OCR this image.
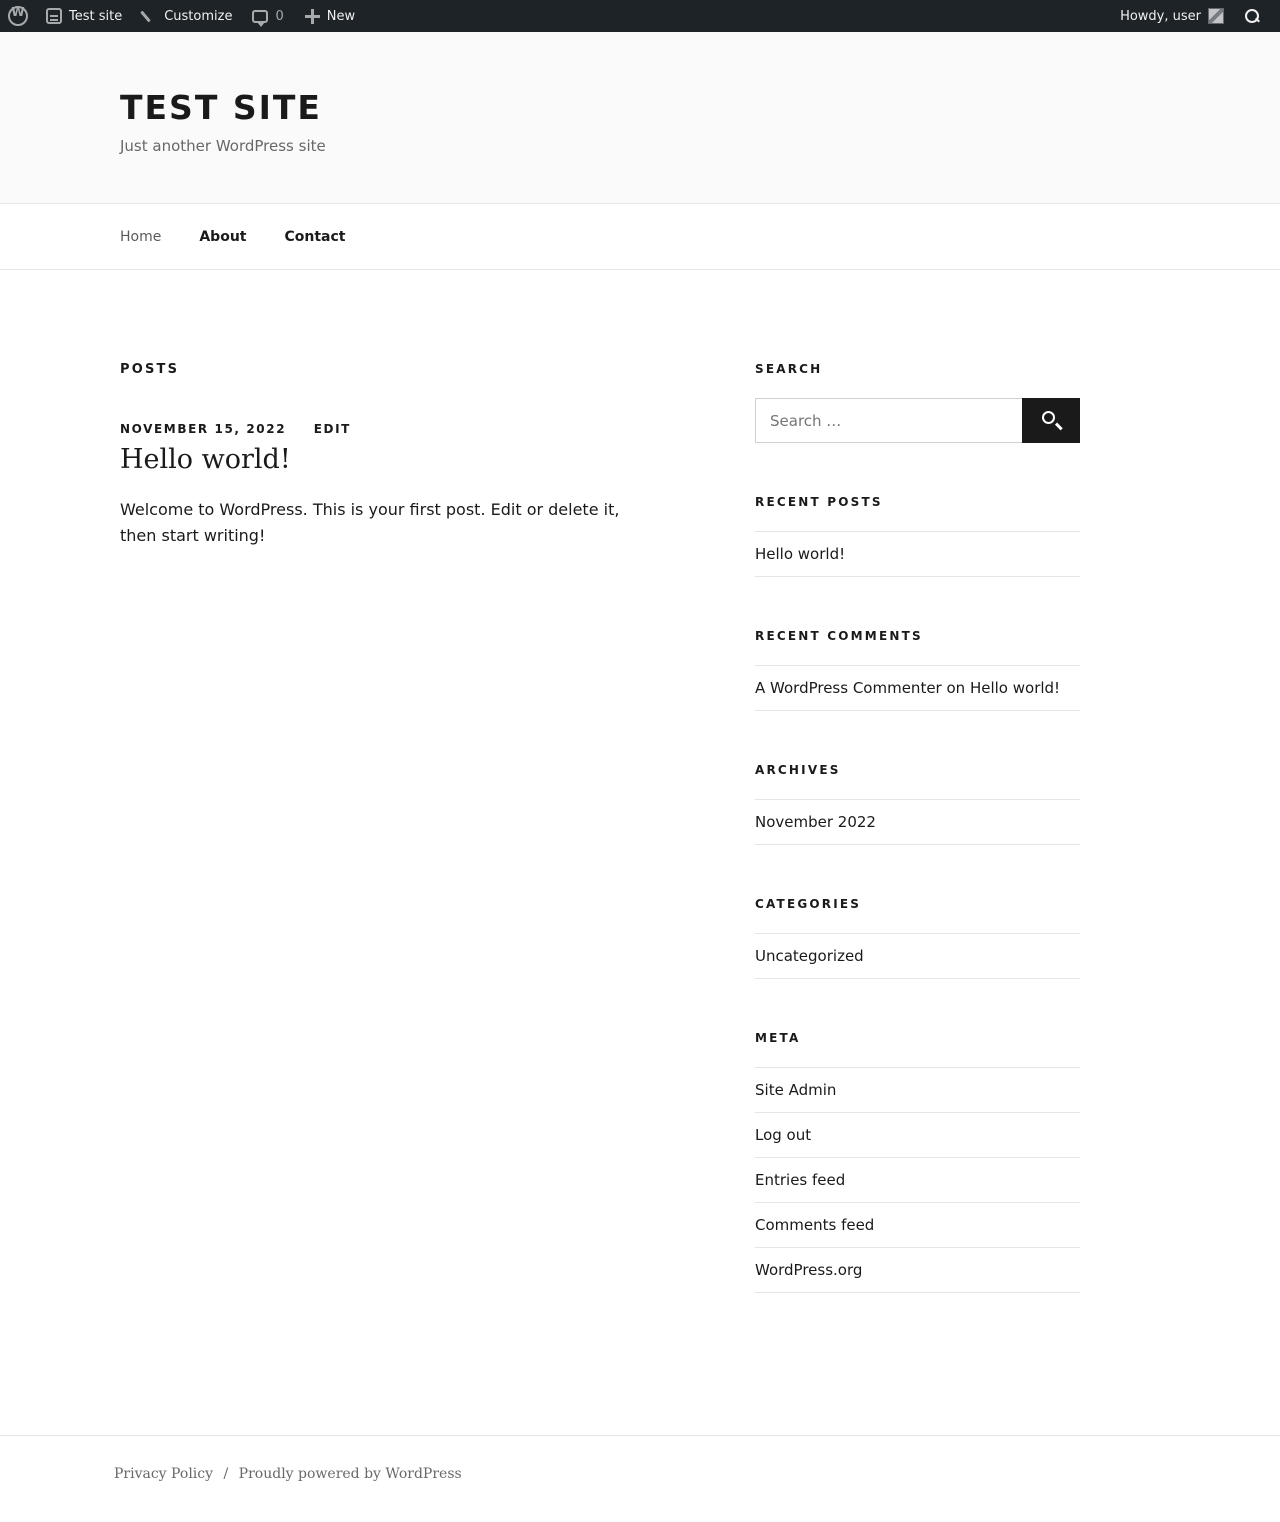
W
Test site	Customize	0	New	Howdy, user
TEST SITE

Just another WordPress site

Home	About	Contact
POSTS
NOVEMBER 15, 2022 EDIT
Hello world!

Welcome to WordPress. This is your first post. Edit or delete it, then start writing!

SEARCH
Search …
RECENT POSTS
Hello world!
RECENT COMMENTS
A WordPress Commenter on Hello world!
ARCHIVES
November 2022
CATEGORIES
Uncategorized
META
Site Admin
Log out
Entries feed
Comments feed
WordPress.org
Privacy Policy / Proudly powered by WordPress
